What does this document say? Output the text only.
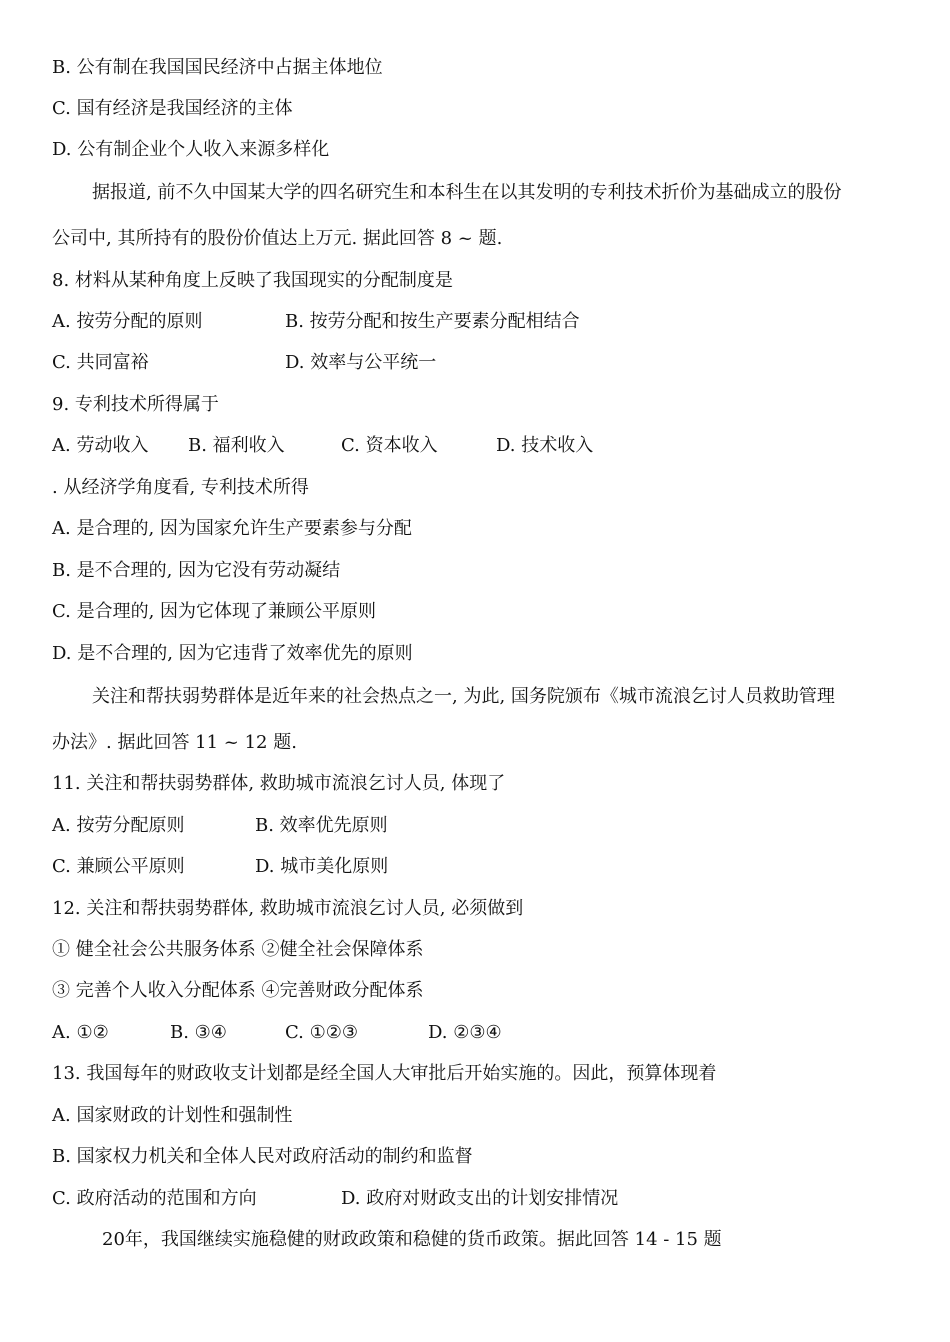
B. 公有制在我国国民经济中占据主体地位
C. 国有经济是我国经济的主体
D. 公有制企业个人收入来源多样化
据报道, 前不久中国某大学的四名研究生和本科生在以其发明的专利技术折价为基础成立的股份
公司中, 其所持有的股份价值达上万元. 据此回答 8 ~ 题.
8. 材料从某种角度上反映了我国现实的分配制度是
A. 按劳分配的原则	B. 按劳分配和按生产要素分配相结合
C. 共同富裕	D. 效率与公平统一
9. 专利技术所得属于
A. 劳动收入 B. 福利收入	C. 资本收入	D. 技术收入
. 从经济学角度看, 专利技术所得
A. 是合理的, 因为国家允许生产要素参与分配
B. 是不合理的, 因为它没有劳动凝结
C. 是合理的, 因为它体现了兼顾公平原则
D. 是不合理的, 因为它违背了效率优先的原则
关注和帮扶弱势群体是近年来的社会热点之一, 为此, 国务院颁布《城市流浪乞讨人员救助管理
办法》. 据此回答 11 ~ 12 题.
11. 关注和帮扶弱势群体, 救助城市流浪乞讨人员, 体现了
A. 按劳分配原则	B. 效率优先原则
C. 兼顾公平原则	D. 城市美化原则
12. 关注和帮扶弱势群体, 救助城市流浪乞讨人员, 必须做到
① 健全社会公共服务体系 ②健全社会保障体系
③ 完善个人收入分配体系 ④完善财政分配体系
A. ①②	B. ③④	C. ①②③	D. ②③④
13. 我国每年的财政收支计划都是经全国人大审批后开始实施的。因此，预算体现着
A. 国家财政的计划性和强制性
B. 国家权力机关和全体人民对政府活动的制约和监督
C. 政府活动的范围和方向	D. 政府对财政支出的计划安排情况
20年，我国继续实施稳健的财政政策和稳健的货币政策。据此回答 14 - 15 题
